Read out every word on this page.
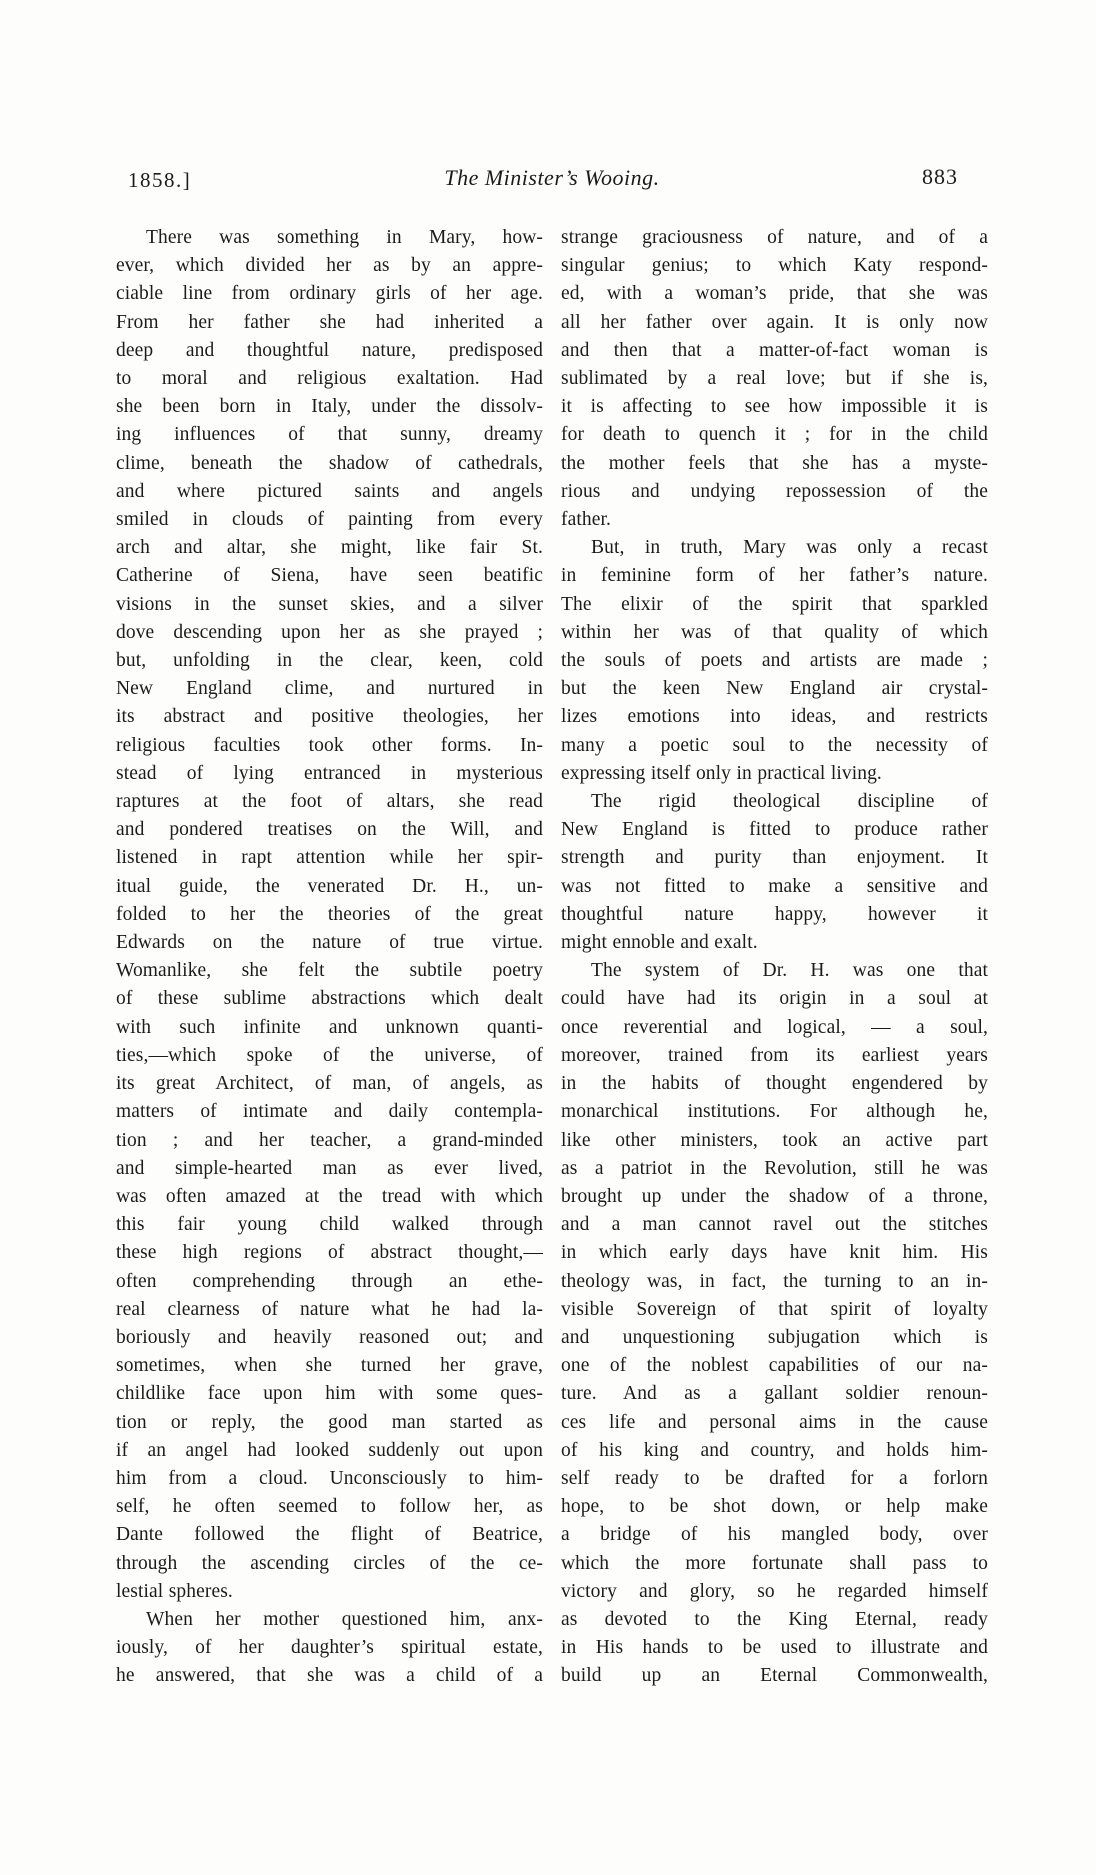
1858.]	The Minister’s Wooing.	883
There was something in Mary, how-
ever, which divided her as by an appre-
ciable line from ordinary girls of her age.
From her father she had inherited a
deep and thoughtful nature, predisposed
to moral and religious exaltation. Had
she been born in Italy, under the dissolv-
ing influences of that sunny, dreamy
clime, beneath the shadow of cathedrals,
and where pictured saints and angels
smiled in clouds of painting from every
arch and altar, she might, like fair St.
Catherine of Siena, have seen beatific
visions in the sunset skies, and a silver
dove descending upon her as she prayed ;
but, unfolding in the clear, keen, cold
New England clime, and nurtured in
its abstract and positive theologies, her
religious faculties took other forms. In-
stead of lying entranced in mysterious
raptures at the foot of altars, she read
and pondered treatises on the Will, and
listened in rapt attention while her spir-
itual guide, the venerated Dr. H., un-
folded to her the theories of the great
Edwards on the nature of true virtue.
Womanlike, she felt the subtile poetry
of these sublime abstractions which dealt
with such infinite and unknown quanti-
ties,—which spoke of the universe, of
its great Architect, of man, of angels, as
matters of intimate and daily contempla-
tion ; and her teacher, a grand-minded
and simple-hearted man as ever lived,
was often amazed at the tread with which
this fair young child walked through
these high regions of abstract thought,—
often comprehending through an ethe-
real clearness of nature what he had la-
boriously and heavily reasoned out; and
sometimes, when she turned her grave,
childlike face upon him with some ques-
tion or reply, the good man started as
if an angel had looked suddenly out upon
him from a cloud. Unconsciously to him-
self, he often seemed to follow her, as
Dante followed the flight of Beatrice,
through the ascending circles of the ce-
lestial spheres.
When her mother questioned him, anx-
iously, of her daughter’s spiritual estate,
he answered, that she was a child of a
strange graciousness of nature, and of a
singular genius; to which Katy respond-
ed, with a woman’s pride, that she was
all her father over again. It is only now
and then that a matter-of-fact woman is
sublimated by a real love; but if she is,
it is affecting to see how impossible it is
for death to quench it ; for in the child
the mother feels that she has a myste-
rious and undying repossession of the
father.
But, in truth, Mary was only a recast
in feminine form of her father’s nature.
The elixir of the spirit that sparkled
within her was of that quality of which
the souls of poets and artists are made ;
but the keen New England air crystal-
lizes emotions into ideas, and restricts
many a poetic soul to the necessity of
expressing itself only in practical living.
The rigid theological discipline of
New England is fitted to produce rather
strength and purity than enjoyment. It
was not fitted to make a sensitive and
thoughtful nature happy, however it
might ennoble and exalt.
The system of Dr. H. was one that
could have had its origin in a soul at
once reverential and logical, — a soul,
moreover, trained from its earliest years
in the habits of thought engendered by
monarchical institutions. For although he,
like other ministers, took an active part
as a patriot in the Revolution, still he was
brought up under the shadow of a throne,
and a man cannot ravel out the stitches
in which early days have knit him. His
theology was, in fact, the turning to an in-
visible Sovereign of that spirit of loyalty
and unquestioning subjugation which is
one of the noblest capabilities of our na-
ture. And as a gallant soldier renoun-
ces life and personal aims in the cause
of his king and country, and holds him-
self ready to be drafted for a forlorn
hope, to be shot down, or help make
a bridge of his mangled body, over
which the more fortunate shall pass to
victory and glory, so he regarded himself
as devoted to the King Eternal, ready
in His hands to be used to illustrate and
build up an Eternal Commonwealth,
